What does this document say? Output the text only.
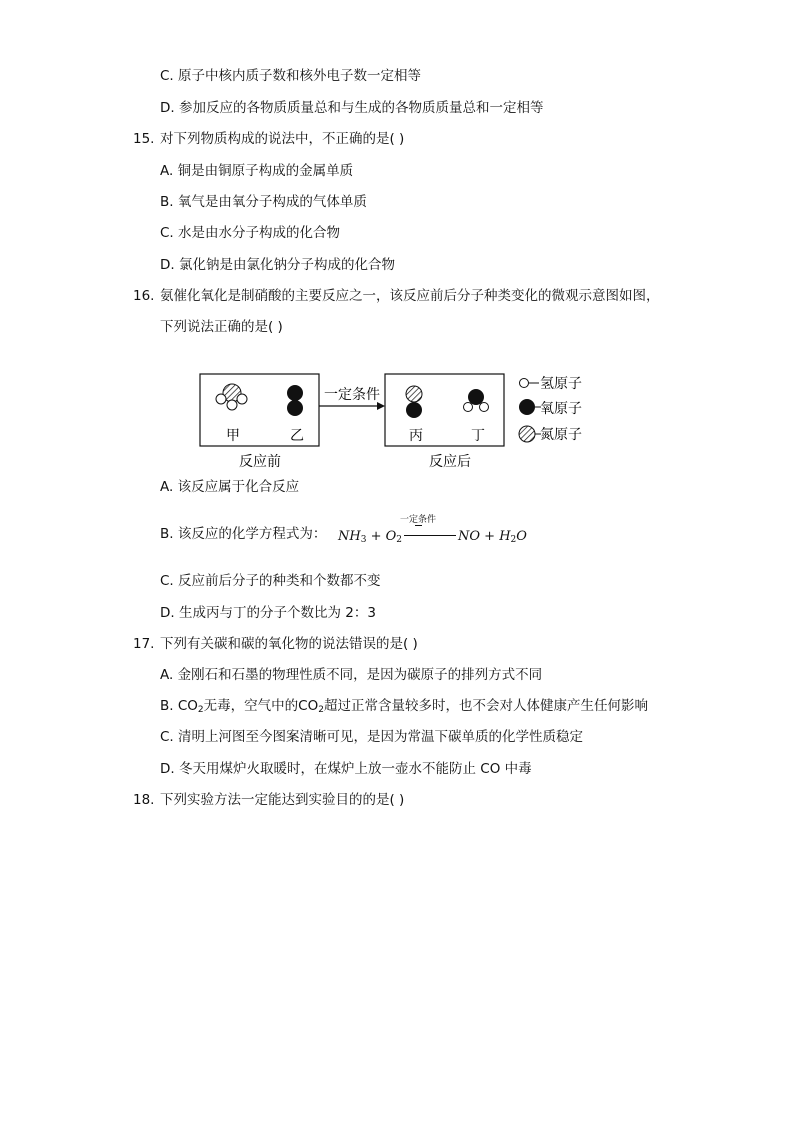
C. 原子中核内质子数和核外电子数一定相等
D. 参加反应的各物质质量总和与生成的各物质质量总和一定相等
15. 对下列物质构成的说法中，不正确的是( )
A. 铜是由铜原子构成的金属单质
B. 氧气是由氧分子构成的气体单质
C. 水是由水分子构成的化合物
D. 氯化钠是由氯化钠分子构成的化合物
16. 氨催化氧化是制硝酸的主要反应之一，该反应前后分子种类变化的微观示意图如图，
下列说法正确的是( )
甲	乙
反应前
一定条件
丙	丁
反应后
氢原子
氧原子
氮原子
A. 该反应属于化合反应
B. 该反应的化学方程式为： $NH_3 + O_2$	NO + $H_2O$
一定条件
C. 反应前后分子的种类和个数都不变
D. 生成丙与丁的分子个数比为 2：3
17. 下列有关碳和碳的氧化物的说法错误的是( )
A. 金刚石和石墨的物理性质不同，是因为碳原子的排列方式不同
B. $CO_2$无毒，空气中的$CO_2$超过正常含量较多时，也不会对人体健康产生任何影响
C. 清明上河图至今图案清晰可见，是因为常温下碳单质的化学性质稳定
D. 冬天用煤炉火取暖时，在煤炉上放一壶水不能防止 CO 中毒
18. 下列实验方法一定能达到实验目的的是( )
